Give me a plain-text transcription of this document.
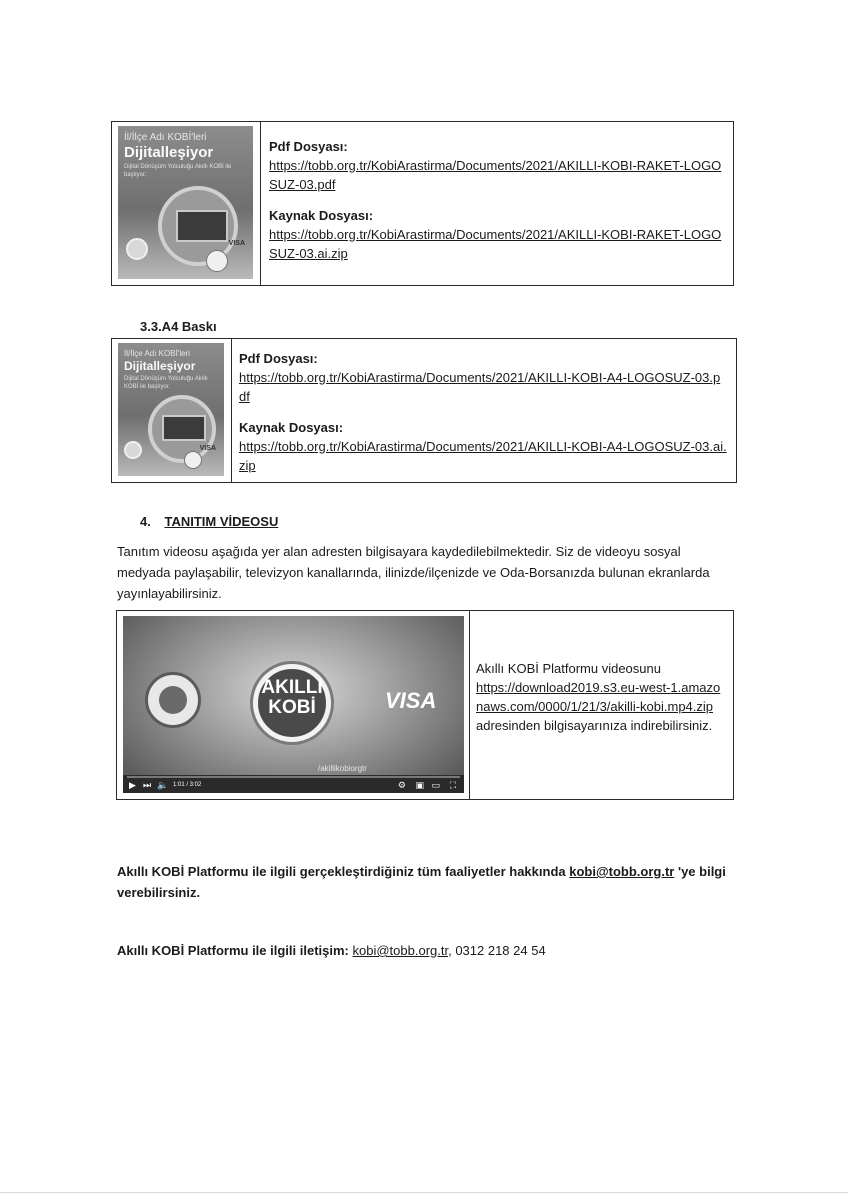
İl/İlçe Adı KOBİ'leri
Dijitalleşiyor
Dijital Dönüşüm Yolculuğu Akıllı KOBİ ile başlıyor.
VISA
Pdf Dosyası:
https://tobb.org.tr/KobiArastirma/Documents/2021/AKILLI-KOBI-RAKET-LOGOSUZ-03.pdf
Kaynak Dosyası:
https://tobb.org.tr/KobiArastirma/Documents/2021/AKILLI-KOBI-RAKET-LOGOSUZ-03.ai.zip
3.3.A4 Baskı
İl/İlçe Adı KOBİ'leri
Dijitalleşiyor
Dijital Dönüşüm Yolculuğu Akıllı KOBİ ile başlıyor.
VISA
Pdf Dosyası:
https://tobb.org.tr/KobiArastirma/Documents/2021/AKILLI-KOBI-A4-LOGOSUZ-03.pdf
Kaynak Dosyası:
https://tobb.org.tr/KobiArastirma/Documents/2021/AKILLI-KOBI-A4-LOGOSUZ-03.ai.zip
4. TANITIM VİDEOSU
Tanıtım videosu aşağıda yer alan adresten bilgisayara kaydedilebilmektedir. Siz de videoyu sosyal medyada paylaşabilir, televizyon kanallarında, ilinizde/ilçenizde ve Oda-Borsanızda bulunan ekranlarda yayınlayabilirsiniz.
AKILLI
KOBİ	VISA
/akillikobiorgtr
▶ ⏭ 🔈 1:01 / 3:02	⚙ ▣ ▭ ⛶
Akıllı KOBİ Platformu videosunu
https://download2019.s3.eu-west-1.amazonaws.com/0000/1/21/3/akilli-kobi.mp4.zip adresinden bilgisayarınıza indirebilirsiniz.
Akıllı KOBİ Platformu ile ilgili gerçekleştirdiğiniz tüm faaliyetler hakkında kobi@tobb.org.tr 'ye bilgi verebilirsiniz.
Akıllı KOBİ Platformu ile ilgili iletişim: kobi@tobb.org.tr, 0312 218 24 54
